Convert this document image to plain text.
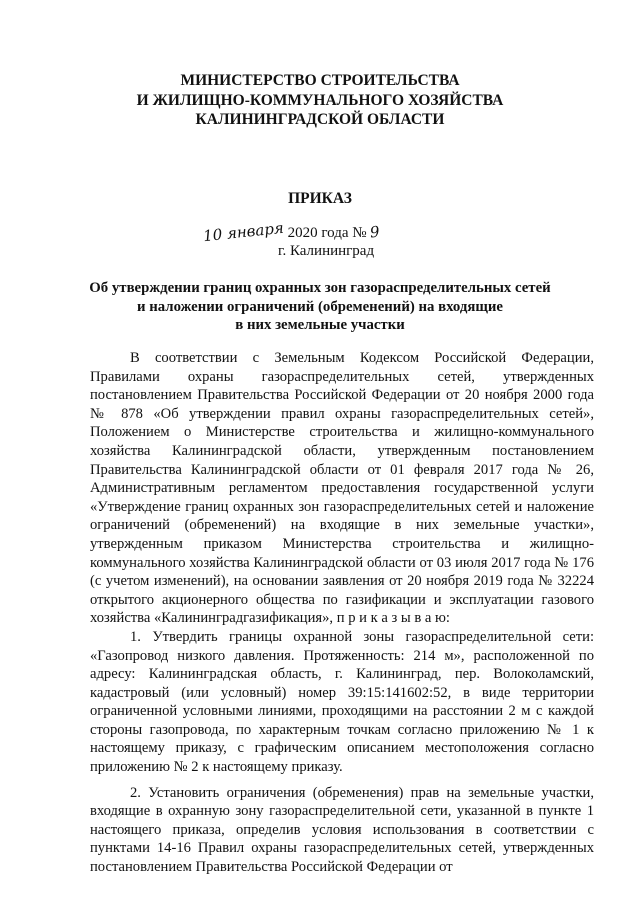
МИНИСТЕРСТВО СТРОИТЕЛЬСТВА
И ЖИЛИЩНО-КОММУНАЛЬНОГО ХОЗЯЙСТВА
КАЛИНИНГРАДСКОЙ ОБЛАСТИ
ПРИКАЗ
10 января 2020 года № 9
г. Калининград
Об утверждении границ охранных зон газораспределительных сетей
и наложении ограничений (обременений) на входящие
в них земельные участки

В соответствии с Земельным Кодексом Российской Федерации, Правилами охраны газораспределительных сетей, утвержденных постановлением Правительства Российской Федерации от 20 ноября 2000 года № 878 «Об утверждении правил охраны газораспределительных сетей», Положением о Министерстве строительства и жилищно-коммунального хозяйства Калининградской области, утвержденным постановлением Правительства Калининградской области от 01 февраля 2017 года № 26, Административным регламентом предоставления государственной услуги «Утверждение границ охранных зон газораспределительных сетей и наложение ограничений (обременений) на входящие в них земельные участки», утвержденным приказом Министерства строительства и жилищно-коммунального хозяйства Калининградской области от 03 июля 2017 года № 176 (с учетом изменений), на основании заявления от 20 ноября 2019 года № 32224 открытого акционерного общества по газификации и эксплуатации газового хозяйства «Калининградгазификация», п р и к а з ы в а ю:

1. Утвердить границы охранной зоны газораспределительной сети: «Газопровод низкого давления. Протяженность: 214 м», расположенной по адресу: Калининградская область, г. Калининград, пер. Волоколамский, кадастровый (или условный) номер 39:15:141602:52, в виде территории ограниченной условными линиями, проходящими на расстоянии 2 м с каждой стороны газопровода, по характерным точкам согласно приложению № 1 к настоящему приказу, с графическим описанием местоположения согласно приложению № 2 к настоящему приказу.

2. Установить ограничения (обременения) прав на земельные участки, входящие в охранную зону газораспределительной сети, указанной в пункте 1 настоящего приказа, определив условия использования в соответствии с пунктами 14-16 Правил охраны газораспределительных сетей, утвержденных постановлением Правительства Российской Федерации от
